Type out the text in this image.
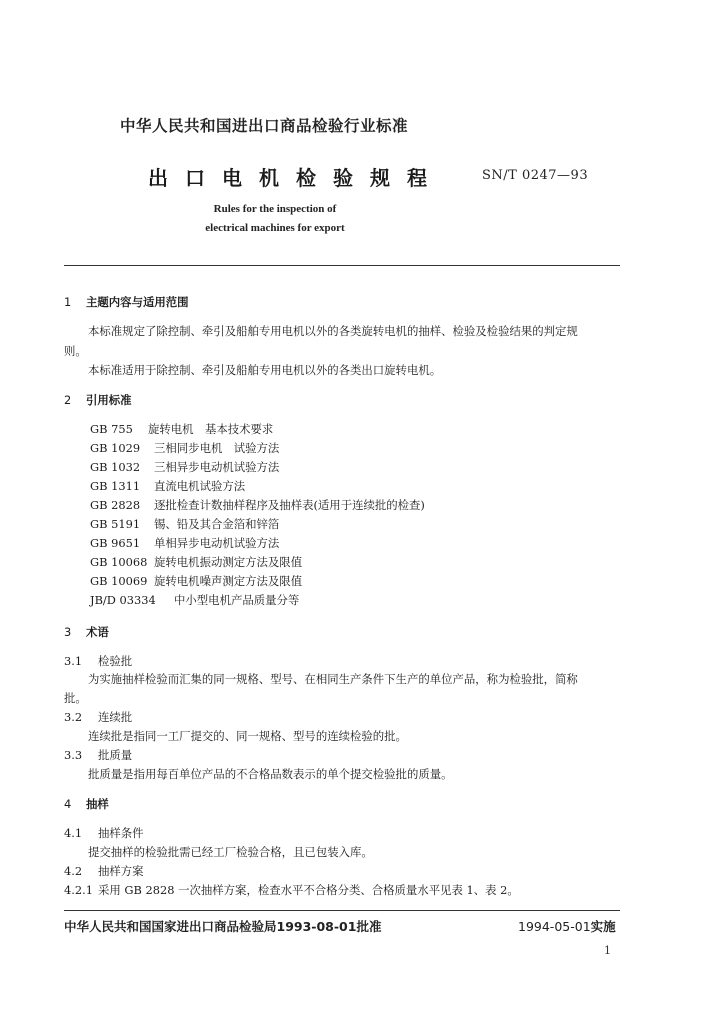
中华人民共和国进出口商品检验行业标准
出口电机检验规程	SN/T 0247—93
Rules for the inspection of
electrical machines for export
1 主题内容与适用范围
本标准规定了除控制、牵引及船舶专用电机以外的各类旋转电机的抽样、检验及检验结果的判定规
则。
本标准适用于除控制、牵引及船舶专用电机以外的各类出口旋转电机。
2 引用标准
GB 755 旋转电机　基本技术要求
GB 1029 三相同步电机　试验方法
GB 1032 三相异步电动机试验方法
GB 1311 直流电机试验方法
GB 2828 逐批检查计数抽样程序及抽样表(适用于连续批的检查)
GB 5191 锡、铅及其合金箔和锌箔
GB 9651 单相异步电动机试验方法
GB 10068 旋转电机振动测定方法及限值
GB 10069 旋转电机噪声测定方法及限值
JB/D 03334 中小型电机产品质量分等
3 术语
3.1 检验批
为实施抽样检验而汇集的同一规格、型号、在相同生产条件下生产的单位产品，称为检验批，简称
批。
3.2 连续批
连续批是指同一工厂提交的、同一规格、型号的连续检验的批。
3.3 批质量
批质量是指用每百单位产品的不合格品数表示的单个提交检验批的质量。
4 抽样
4.1 抽样条件
提交抽样的检验批需已经工厂检验合格，且已包装入库。
4.2 抽样方案
4.2.1 采用 GB 2828 一次抽样方案，检查水平不合格分类、合格质量水平见表 1、表 2。
中华人民共和国国家进出口商品检验局1993-08-01批准	1994-05-01实施
1
